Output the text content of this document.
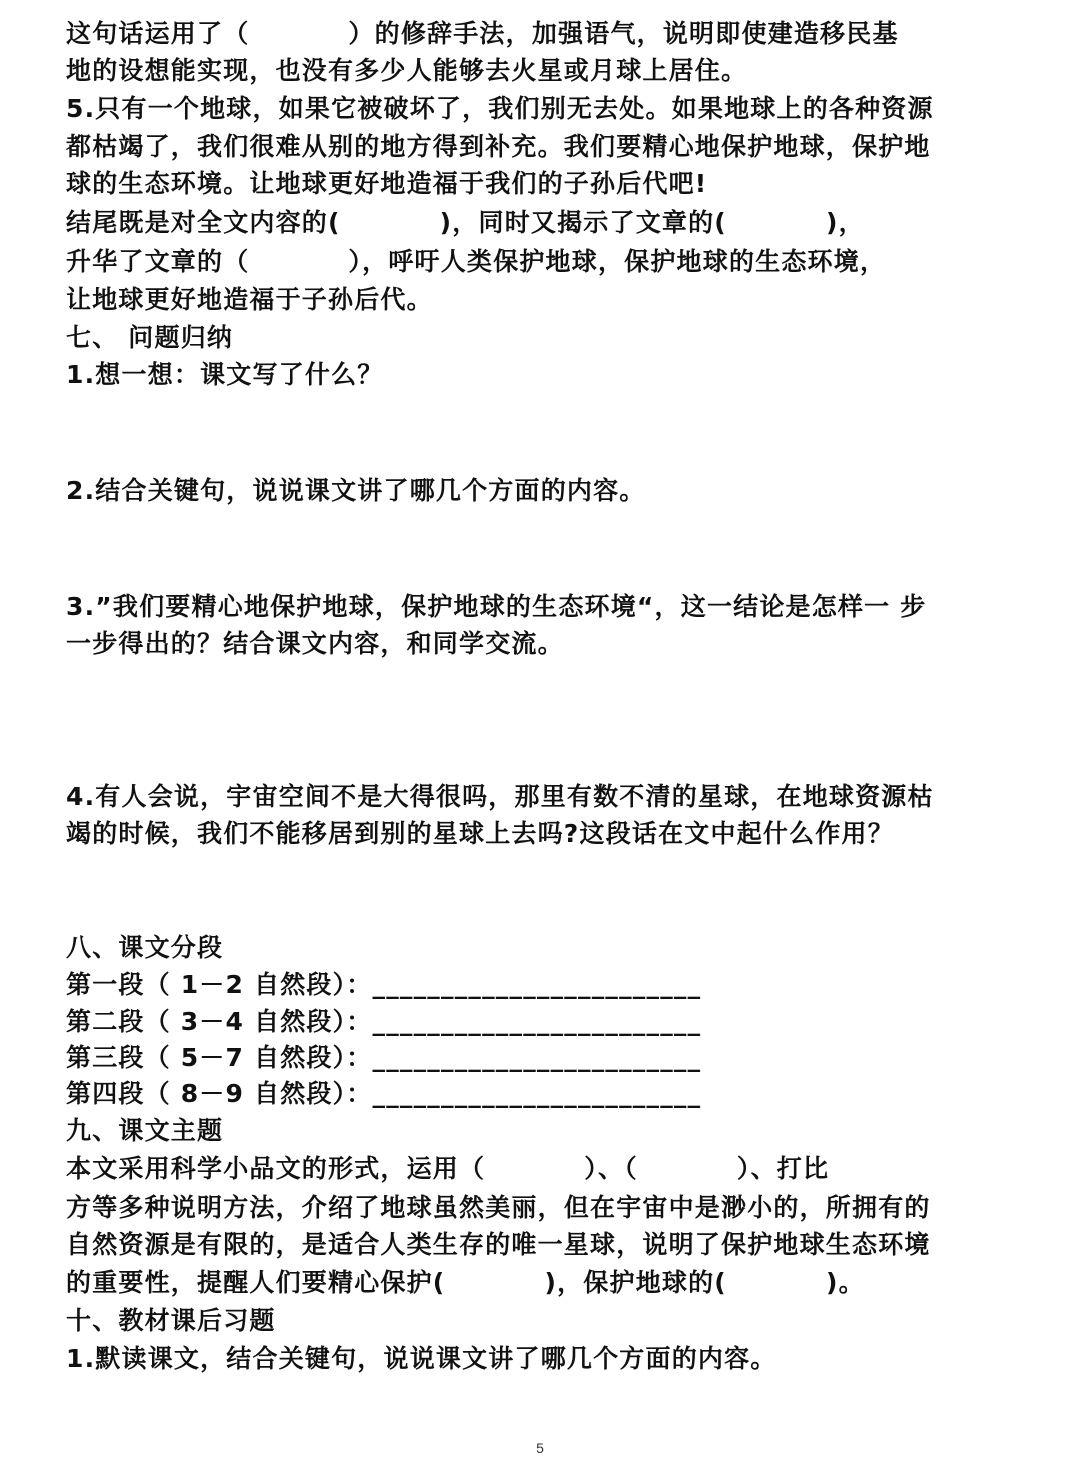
这句话运用了（          ）的修辞手法，加强语气，说明即使建造移民基
地的设想能实现，也没有多少人能够去火星或月球上居住。
5.只有一个地球，如果它被破坏了，我们别无去处。如果地球上的各种资源
都枯竭了，我们很难从别的地方得到补充。我们要精心地保护地球，保护地
球的生态环境。让地球更好地造福于我们的子孙后代吧!
结尾既是对全文内容的(          )，同时又揭示了文章的(          )，
升华了文章的（          ），呼吁人类保护地球，保护地球的生态环境，
让地球更好地造福于子孙后代。
七、 问题归纳
1.想一想：课文写了什么？
2.结合关键句，说说课文讲了哪几个方面的内容。
3.”我们要精心地保护地球，保护地球的生态环境“，这一结论是怎样一 步
一步得出的？结合课文内容，和同学交流。
4.有人会说，宇宙空间不是大得很吗，那里有数不清的星球，在地球资源枯
竭的时候，我们不能移居到别的星球上去吗?这段话在文中起什么作用？
八、课文分段
第一段（ 1－2 自然段）：________________________
第二段（ 3－4 自然段）：________________________
第三段（ 5－7 自然段）：________________________
第四段（ 8－9 自然段）：________________________
九、课文主题
本文采用科学小品文的形式，运用（          ）、（          ）、打比
方等多种说明方法，介绍了地球虽然美丽，但在宇宙中是渺小的，所拥有的
自然资源是有限的，是适合人类生存的唯一星球，说明了保护地球生态环境
的重要性，提醒人们要精心保护(          )，保护地球的(          )。
十、教材课后习题
1.默读课文，结合关键句，说说课文讲了哪几个方面的内容。
5
